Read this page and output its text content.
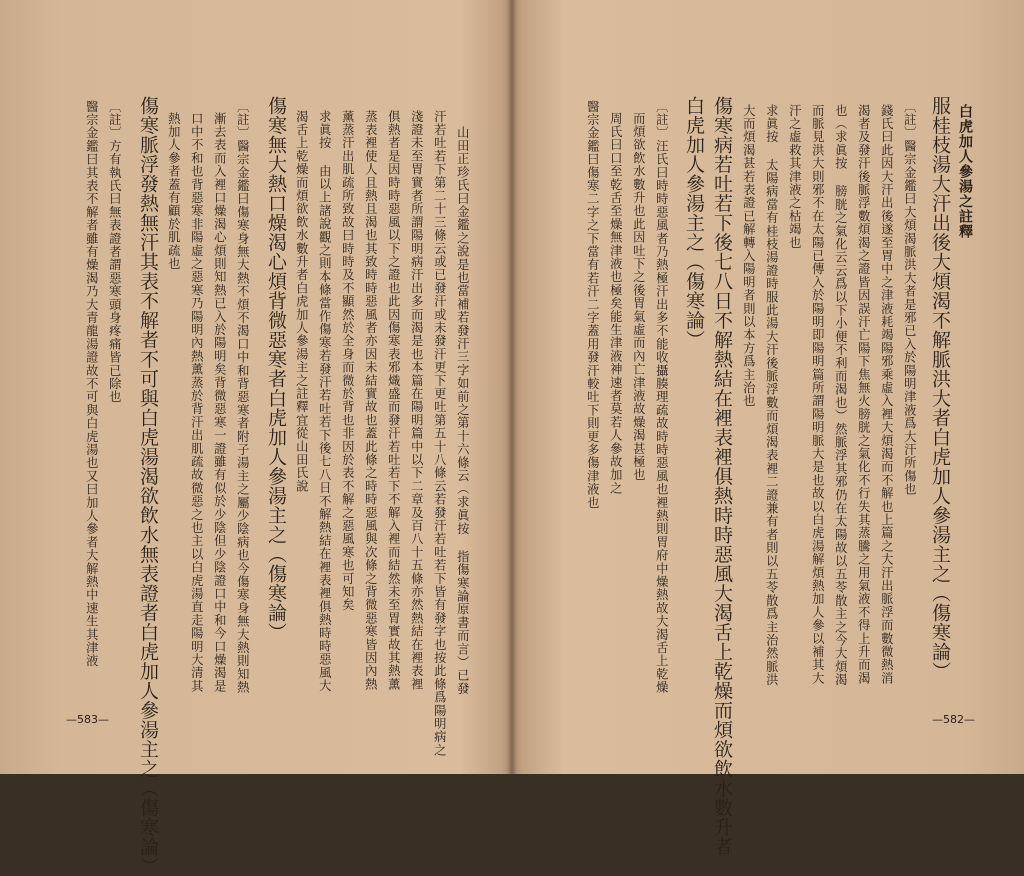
山田正珍氏曰金鑑之說是也當補若發汗三字如前之第十六條云（求眞按 指傷寒論原書而言）已發
汗若吐若下第二十三條云或已發汗或未發汗更下更吐第五十八條云若發汗若吐若下皆有發字也按此條爲陽明病之
淺證未至胃實者所謂陽明病汗出多而渴是也本篇在陽明篇中以下二章及百八十五條亦然熱結在裡表裡
俱熱者是因時時惡風以下之證也此因傷寒表邪熾盛而發汗若吐若下不解入裡而結然未至胃實故其熱薰
蒸表裡使人且熱且渴也其致時時惡風者亦因未結實故也蓋此條之時時惡風與次條之背微惡寒皆因內熱
薰蒸汗出肌疏所致故曰時時及不顯然於全身而微於背也非因於表不解之惡風寒也可知矣
求眞按 由以上諸說觀之則本條當作傷寒若發汗若吐若下後七八日不解熱結在裡表裡俱熱時時惡風大
渴舌上乾燥而煩欲飲水數升者白虎加人參湯主之註釋宜從山田氏說
傷寒無大熱口燥渴心煩背微惡寒者白虎加人參湯主之（傷寒論）
〔註〕醫宗金鑑曰傷寒身無大熱不煩不渴口中和背惡寒者附子湯主之屬少陰病也今傷寒身無大熱則知熱
漸去表而入裡口燥渴心煩則知熱已入於陽明矣背微惡寒一證雖有似於少陰但少陰證口中和今口燥渴是
口中不和也背惡寒非陽虛之惡寒乃陽明內熱薰蒸於背汗出肌疏故微惡之也主以白虎湯直走陽明大清其
熱加人參者蓋有顧於肌疏也
傷寒脈浮發熱無汗其表不解者不可與白虎湯渴欲飲水無表證者白虎加人參湯主之（傷寒論）
〔註〕方有執氏曰無表證者謂惡寒頭身疼痛皆已除也
醫宗金鑑曰其表不解者雖有燥渴乃大青龍湯證故不可與白虎湯也又曰加人參者大解熱中速生其津液
—583—
白虎加人參湯之註釋
服桂枝湯大汗出後大煩渴不解脈洪大者白虎加人參湯主之（傷寒論）
〔註〕醫宗金鑑曰大煩渴脈洪大者是邪已入於陽明津液爲大汗所傷也
錢氏曰此因大汗出後遂至胃中之津液耗竭陽邪乘虛入裡大煩渴而不解也上篇之大汗出脈浮而數微熱消
渴者及發汗後脈浮數煩渴之證皆因誤汗亡陽下焦無火膀胱之氣化不行失其蒸騰之用氣液不得上升而渴
也（求眞按 膀胱之氣化云云爲以下小便不利而渴也）然脈浮其邪仍在太陽故以五苓散主之今大煩渴
而脈見洪大則邪不在太陽已傳入於陽明即陽明篇所謂陽明脈大是也故以白虎湯解煩熱加人參以補其大
汗之虛救其津液之枯竭也
求眞按 太陽病當有桂枝湯證時服此湯大汗後脈浮數而煩渴表裡二證兼有者則以五苓散爲主治然脈洪
大而煩渴甚若表證已解轉入陽明者則以本方爲主治也
傷寒病若吐若下後七八日不解熱結在裡表裡俱熱時時惡風大渴舌上乾燥而煩欲飲水數升者
白虎加人參湯主之（傷寒論）
〔註〕汪氏曰時時惡風者乃熱極汗出多不能收攝腠理疏故時時惡風也裡熱則胃府中燥熱故大渴舌上乾燥
而煩欲飲水數升也此因吐下之後胃氣虛而內亡津液故燥渴甚極也
周氏曰口至乾舌至燥無津液也極矣能生津液神速者莫若人參故加之
醫宗金鑑曰傷寒二字之下當有若汗二字蓋用發汗較吐下則更多傷津液也
—582—
